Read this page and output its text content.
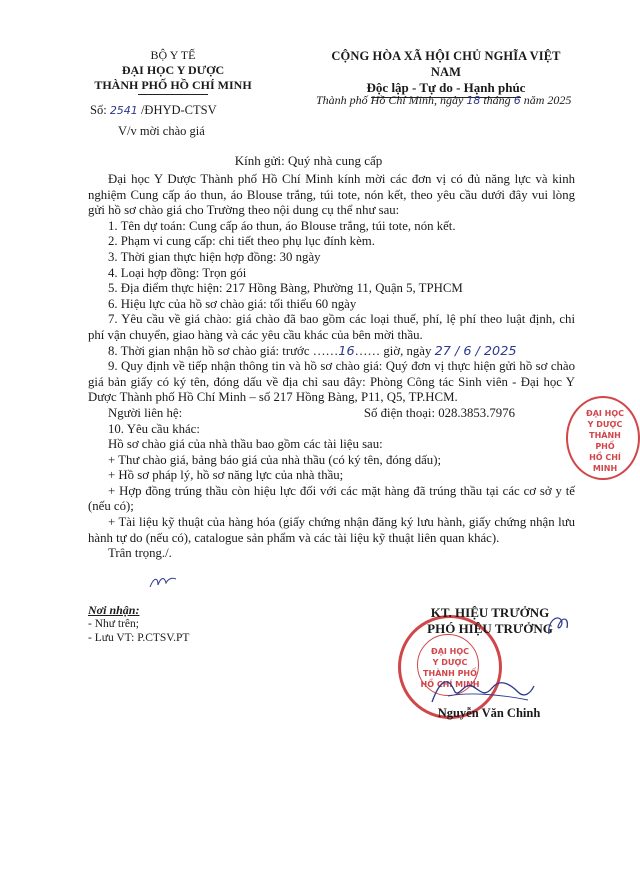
BỘ Y TẾ
ĐẠI HỌC Y DƯỢC
THÀNH PHỐ HỒ CHÍ MINH
Số: 2541 /ĐHYD-CTSV
V/v mời chào giá
CỘNG HÒA XÃ HỘI CHỦ NGHĨA VIỆT NAM
Độc lập - Tự do - Hạnh phúc
Thành phố Hồ Chí Minh, ngày 18 tháng 6 năm 2025
Kính gửi: Quý nhà cung cấp

Đại học Y Dược Thành phố Hồ Chí Minh kính mời các đơn vị có đủ năng lực và kinh nghiệm Cung cấp áo thun, áo Blouse trắng, túi tote, nón kết, theo yêu cầu dưới đây vui lòng gửi hồ sơ chào giá cho Trường theo nội dung cụ thể như sau:

1. Tên dự toán: Cung cấp áo thun, áo Blouse trắng, túi tote, nón kết.

2. Phạm vi cung cấp: chi tiết theo phụ lục đính kèm.

3. Thời gian thực hiện hợp đồng: 30 ngày

4. Loại hợp đồng: Trọn gói

5. Địa điểm thực hiện: 217 Hồng Bàng, Phường 11, Quận 5, TPHCM

6. Hiệu lực của hồ sơ chào giá: tối thiểu 60 ngày

7. Yêu cầu về giá chào: giá chào đã bao gồm các loại thuế, phí, lệ phí theo luật định, chi phí vận chuyển, giao hàng và các yêu cầu khác của bên mời thầu.

8. Thời gian nhận hồ sơ chào giá: trước ……16…… giờ, ngày 27 / 6 / 2025

9. Quy định về tiếp nhận thông tin và hồ sơ chào giá: Quý đơn vị thực hiện gửi hồ sơ chào giá bản giấy có ký tên, đóng dấu về địa chỉ sau đây: Phòng Công tác Sinh viên - Đại học Y Dược Thành phố Hồ Chí Minh – số 217 Hồng Bàng, P11, Q5, TP.HCM.

Người liên hệ:	Số điện thoại: 028.3853.7976

10. Yêu cầu khác:

Hồ sơ chào giá của nhà thầu bao gồm các tài liệu sau:

+ Thư chào giá, bảng báo giá của nhà thầu (có ký tên, đóng dấu);

+ Hồ sơ pháp lý, hồ sơ năng lực của nhà thầu;

+ Hợp đồng trúng thầu còn hiệu lực đối với các mặt hàng đã trúng thầu tại các cơ sở y tế (nếu có);

+ Tài liệu kỹ thuật của hàng hóa (giấy chứng nhận đăng ký lưu hành, giấy chứng nhận lưu hành tự do (nếu có), catalogue sản phẩm và các tài liệu kỹ thuật liên quan khác).

Trân trọng./.

Nơi nhận:
- Như trên;
- Lưu VT: P.CTSV.PT
ĐẠI HỌC
Y DƯỢC
THÀNH PHỐ
HỒ CHÍ MINH
ĐẠI HỌC
Y DƯỢC
THÀNH PHỐ
HỒ CHÍ MINH
KT. HIỆU TRƯỞNG
PHÓ HIỆU TRƯỞNG
Nguyễn Văn Chinh
